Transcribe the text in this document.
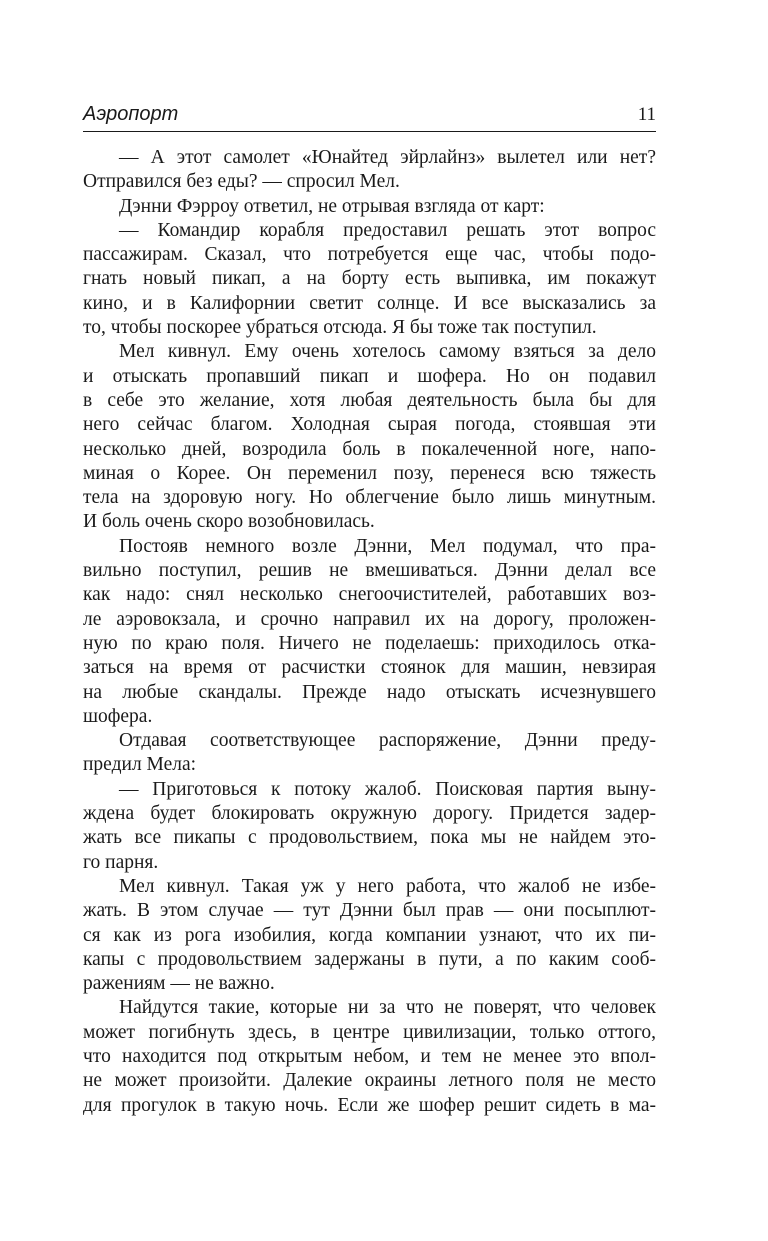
Аэропорт	11
— А этот самолет «Юнайтед эйрлайнз» вылетел или нет?
Отправился без еды? — спросил Мел.
Дэнни Фэрроу ответил, не отрывая взгляда от карт:
— Командир корабля предоставил решать этот вопрос
пассажирам. Сказал, что потребуется еще час, чтобы подо-
гнать новый пикап, а на борту есть выпивка, им покажут
кино, и в Калифорнии светит солнце. И все высказались за
то, чтобы поскорее убраться отсюда. Я бы тоже так поступил.
Мел кивнул. Ему очень хотелось самому взяться за дело
и отыскать пропавший пикап и шофера. Но он подавил
в себе это желание, хотя любая деятельность была бы для
него сейчас благом. Холодная сырая погода, стоявшая эти
несколько дней, возродила боль в покалеченной ноге, напо-
миная о Корее. Он переменил позу, перенеся всю тяжесть
тела на здоровую ногу. Но облегчение было лишь минутным.
И боль очень скоро возобновилась.
Постояв немного возле Дэнни, Мел подумал, что пра-
вильно поступил, решив не вмешиваться. Дэнни делал все
как надо: снял несколько снегоочистителей, работавших воз-
ле аэровокзала, и срочно направил их на дорогу, проложен-
ную по краю поля. Ничего не поделаешь: приходилось отка-
заться на время от расчистки стоянок для машин, невзирая
на любые скандалы. Прежде надо отыскать исчезнувшего
шофера.
Отдавая соответствующее распоряжение, Дэнни преду-
предил Мела:
— Приготовься к потоку жалоб. Поисковая партия выну-
ждена будет блокировать окружную дорогу. Придется задер-
жать все пикапы с продовольствием, пока мы не найдем это-
го парня.
Мел кивнул. Такая уж у него работа, что жалоб не избе-
жать. В этом случае — тут Дэнни был прав — они посыплют-
ся как из рога изобилия, когда компании узнают, что их пи-
капы с продовольствием задержаны в пути, а по каким сооб-
ражениям — не важно.
Найдутся такие, которые ни за что не поверят, что человек
может погибнуть здесь, в центре цивилизации, только оттого,
что находится под открытым небом, и тем не менее это впол-
не может произойти. Далекие окраины летного поля не место
для прогулок в такую ночь. Если же шофер решит сидеть в ма-
